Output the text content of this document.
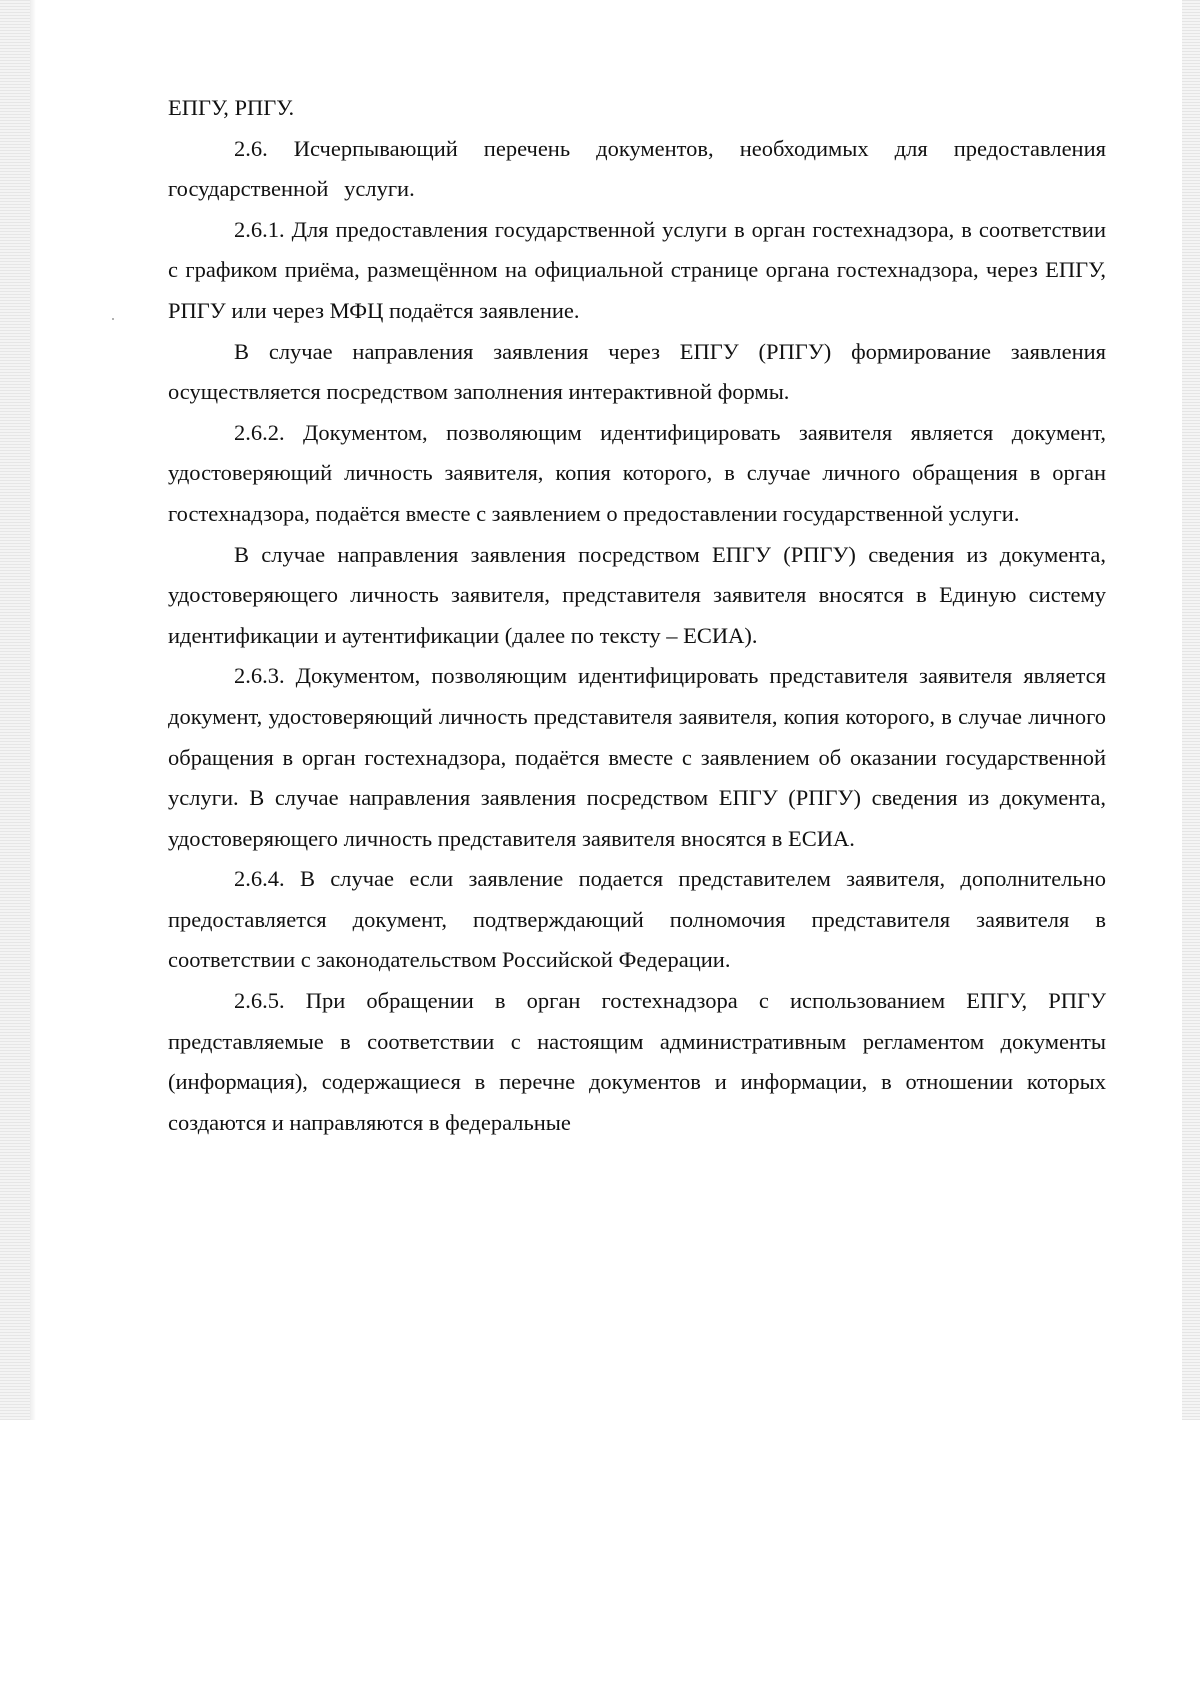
ЕПГУ, РПГУ.

2.6. Исчерпывающий перечень документов, необходимых для предоставления государственной услуги.

2.6.1. Для предоставления государственной услуги в орган гостехнадзора, в соответствии с графиком приёма, размещённом на официальной странице органа гостехнадзора, через ЕПГУ, РПГУ или через МФЦ подаётся заявление.

В случае направления заявления через ЕПГУ (РПГУ) формирование заявления осуществляется посредством заполнения интерактивной формы.

2.6.2. Документом, позволяющим идентифицировать заявителя является документ, удостоверяющий личность заявителя, копия которого, в случае личного обращения в орган гостехнадзора, подаётся вместе с заявлением о предоставлении государственной услуги.

В случае направления заявления посредством ЕПГУ (РПГУ) сведения из документа, удостоверяющего личность заявителя, представителя заявителя вносятся в Единую систему идентификации и аутентификации (далее по тексту – ЕСИА).

2.6.3. Документом, позволяющим идентифицировать представителя заявителя является документ, удостоверяющий личность представителя заявителя, копия которого, в случае личного обращения в орган гостехнадзора, подаётся вместе с заявлением об оказании государственной услуги. В случае направления заявления посредством ЕПГУ (РПГУ) сведения из документа, удостоверяющего личность представителя заявителя вносятся в ЕСИА.

2.6.4. В случае если заявление подается представителем заявителя, дополнительно предоставляется документ, подтверждающий полномочия представителя заявителя в соответствии с законодательством Российской Федерации.

2.6.5. При обращении в орган гостехнадзора с использованием ЕПГУ, РПГУ представляемые в соответствии с настоящим административным регламентом документы (информация), содержащиеся в перечне документов и информации, в отношении которых создаются и направляются в федеральные
